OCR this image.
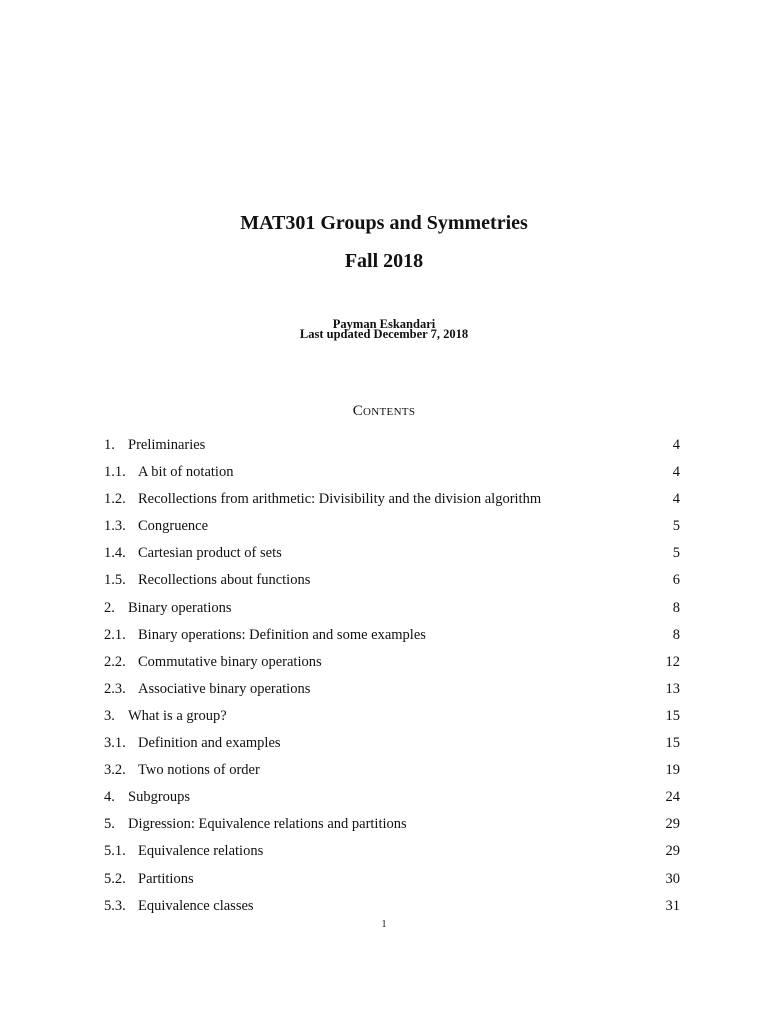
MAT301 Groups and Symmetries
Fall 2018
Payman Eskandari
Last updated December 7, 2018
Contents
1. Preliminaries	4
1.1. A bit of notation	4
1.2. Recollections from arithmetic: Divisibility and the division algorithm	4
1.3. Congruence	5
1.4. Cartesian product of sets	5
1.5. Recollections about functions	6
2. Binary operations	8
2.1. Binary operations: Definition and some examples	8
2.2. Commutative binary operations	12
2.3. Associative binary operations	13
3. What is a group?	15
3.1. Definition and examples	15
3.2. Two notions of order	19
4. Subgroups	24
5. Digression: Equivalence relations and partitions	29
5.1. Equivalence relations	29
5.2. Partitions	30
5.3. Equivalence classes	31
1
